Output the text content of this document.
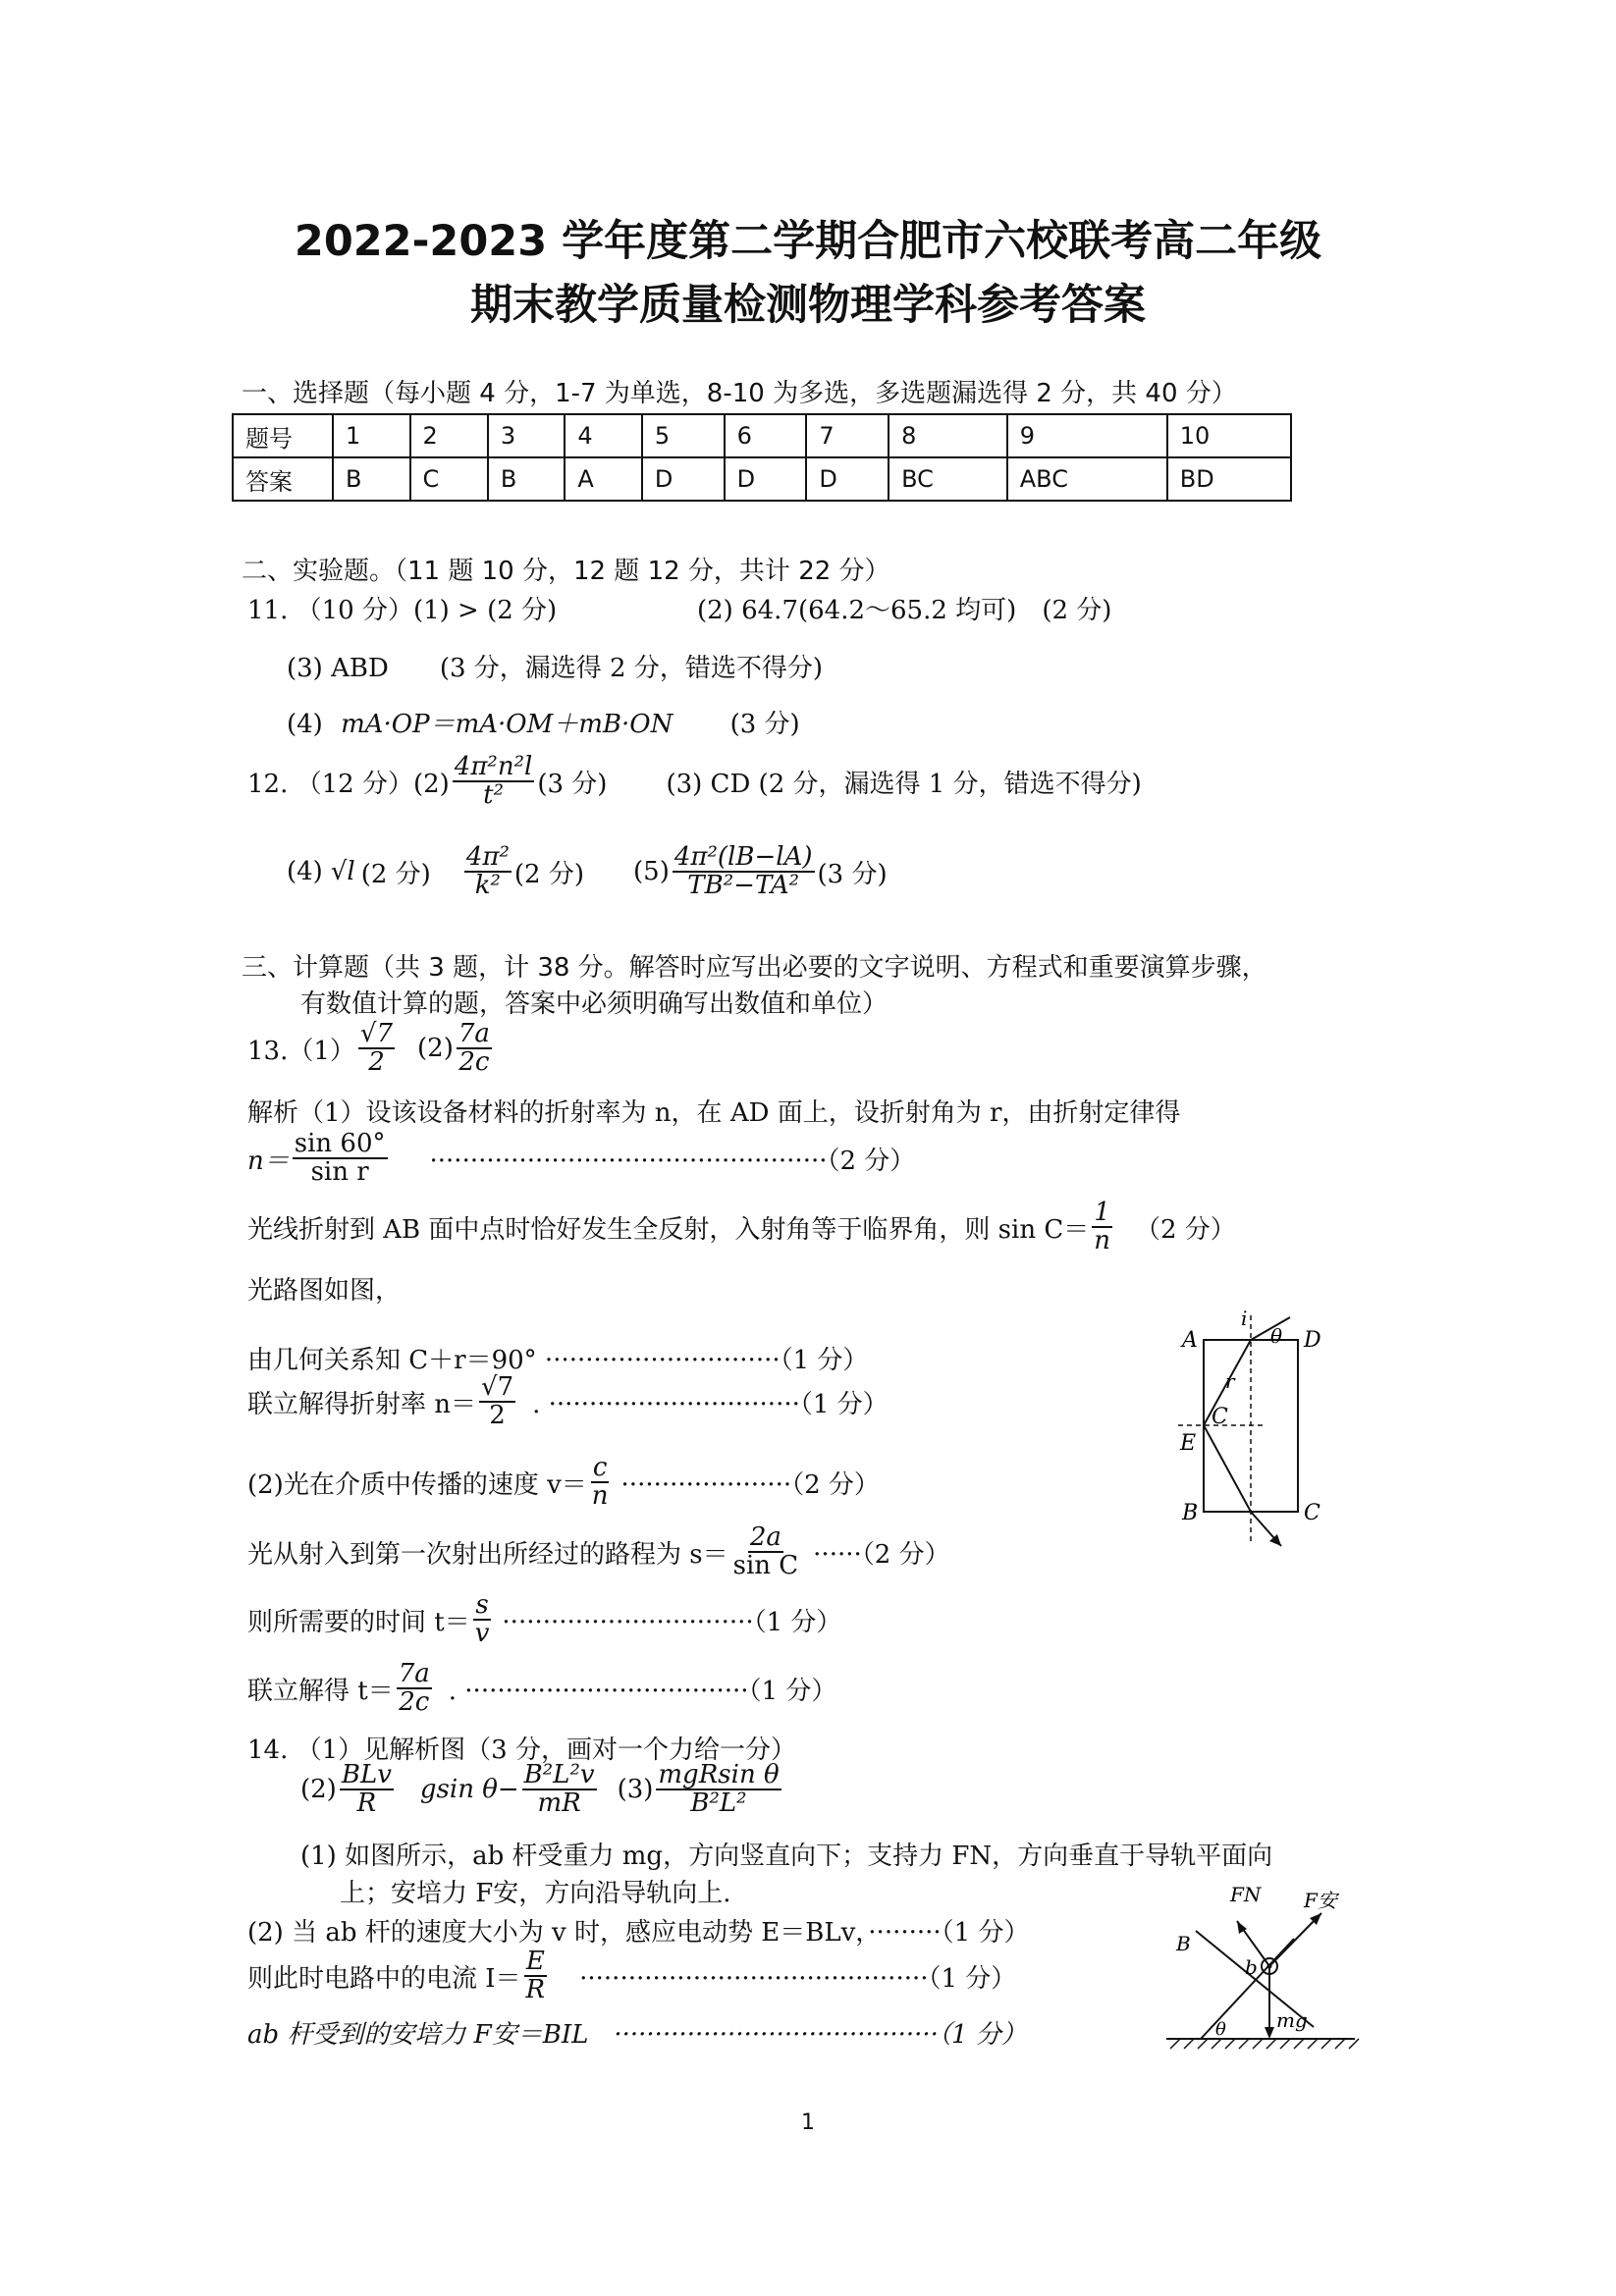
2022-2023 学年度第二学期合肥市六校联考高二年级
期末教学质量检测物理学科参考答案
一、选择题（每小题 4 分，1-7 为单选，8-10 为多选，多选题漏选得 2 分，共 40 分）
题号	1	2	3	4	5	6	7	8	9	10
答案	B	C	B	A	D	D	D	BC	ABC	BD
二、实验题。（11 题 10 分，12 题 12 分，共计 22 分）
11. （10 分）(1) > (2 分)	(2) 64.7(64.2～65.2 均可)　(2 分)
(3) ABD　　(3 分，漏选得 2 分，错选不得分)
(4) mA·OP＝mA·OM＋mB·ON (3 分)
12. （12 分）$(2) \frac{\text{4π²n²l}}{\text{t²}} (3$ 分) (3) CD (2 分，漏选得 1 分，错选不得分)
(4) √l (2 分) $\frac{\text{4π²}}{\text{k²}} (2$ 分) $(5) \frac{\text{4π²(lB−lA)}}{\text{TB²−TA²}} (3$ 分)
三、计算题（共 3 题，计 38 分。解答时应写出必要的文字说明、方程式和重要演算步骤，
有数值计算的题，答案中必须明确写出数值和单位）
$13.(1) \frac{√7}{2} (2) \frac{7a}{2c}$
解析（1）设该设备材料的折射率为 n，在 AD 面上，设折射角为 r，由折射定律得
$n= \frac{\sin 60^\circ}{\text{sin r}} \cdot\cdot\cdot\cdot\cdot\cdot\cdot\cdot\cdot\cdot\cdot\cdot\cdot\cdot\cdot\cdot\cdot\cdot\cdot\cdot\cdot\cdot\cdot\cdot\cdot\cdot\cdot\cdot\cdot\cdot\cdot\cdot\cdot\cdot\cdot\cdot\cdot\cdot\cdot\cdot\cdot\cdot\cdot\cdot\cdot\cdot\cdot\cdot\cdot(2$ 分）
光线折射到 AB 面中点时恰好发生全反射，入射角等于临界角，则 $\sin C= \frac{1}{n} (2$ 分）
光路图如图，
由几何关系知 C＋r＝90° ·····························（1 分）
联立解得折射率 $n= \frac{√7}{2}$ . ·······························（1 分）
(2)光在介质中传播的速度 $v= \frac{c}{n} \cdot\cdot\cdot\cdot\cdot\cdot\cdot\cdot\cdot\cdot\cdot\cdot\cdot\cdot\cdot\cdot\cdot\cdot\cdot\cdot\cdot(2$ 分）
光从射入到第一次射出所经过的路程为 $s= \frac{2a}{\text{sin C}} \cdot\cdot\cdot\cdot\cdot\cdot(2$ 分）
则所需要的时间 $t= \frac{s}{v} \cdot\cdot\cdot\cdot\cdot\cdot\cdot\cdot\cdot\cdot\cdot\cdot\cdot\cdot\cdot\cdot\cdot\cdot\cdot\cdot\cdot\cdot\cdot\cdot\cdot\cdot\cdot\cdot\cdot\cdot\cdot(1$ 分）
联立解得 $t= \frac{7a}{2c}$ . ···································（1 分）
A	D
B	C
E
C
i
θ
r
14. （1）见解析图（3 分，画对一个力给一分）
$(2) \frac{\text{BLv}}{R}$ gsin $\theta- \frac{\text{B²L²v}}{mR} (3) \frac{\text{mgRsin θ}}{\text{B²L²}}$
(1) 如图所示，ab 杆受重力 mg，方向竖直向下；支持力 FN，方向垂直于导轨平面向
上；安培力 F安，方向沿导轨向上.
(2) 当 ab 杆的速度大小为 v 时，感应电动势 E＝BLv，·········（1 分）
则此时电路中的电流 $I= \frac{E}{R} \cdot\cdot\cdot\cdot\cdot\cdot\cdot\cdot\cdot\cdot\cdot\cdot\cdot\cdot\cdot\cdot\cdot\cdot\cdot\cdot\cdot\cdot\cdot\cdot\cdot\cdot\cdot\cdot\cdot\cdot\cdot\cdot\cdot\cdot\cdot\cdot\cdot\cdot\cdot\cdot\cdot\cdot\cdot(1$ 分）
ab 杆受到的安培力 F安＝BIL　········································（1 分）
FN F安
B
b
mg
θ
1
